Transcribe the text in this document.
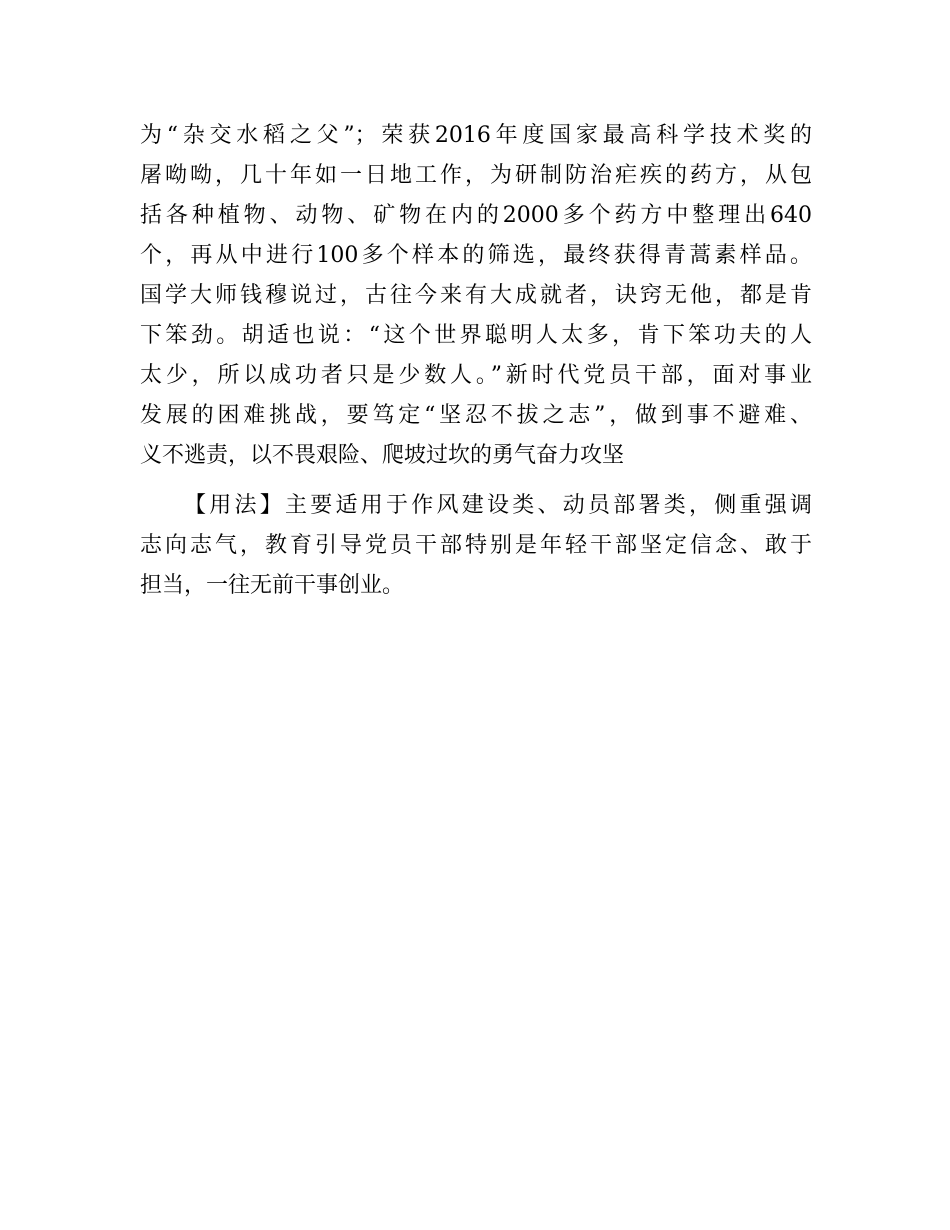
为“杂交水稻之父”；荣获2016年度国家最高科学技术奖的
屠呦呦，几十年如一日地工作，为研制防治疟疾的药方，从包
括各种植物、动物、矿物在内的2000多个药方中整理出640
个，再从中进行100多个样本的筛选，最终获得青蒿素样品。
国学大师钱穆说过，古往今来有大成就者，诀窍无他，都是肯
下笨劲。胡适也说：“这个世界聪明人太多，肯下笨功夫的人
太少，所以成功者只是少数人。”新时代党员干部，面对事业
发展的困难挑战，要笃定“坚忍不拔之志”，做到事不避难、
义不逃责，以不畏艰险、爬坡过坎的勇气奋力攻坚
【用法】主要适用于作风建设类、动员部署类，侧重强调
志向志气，教育引导党员干部特别是年轻干部坚定信念、敢于
担当，一往无前干事创业。
